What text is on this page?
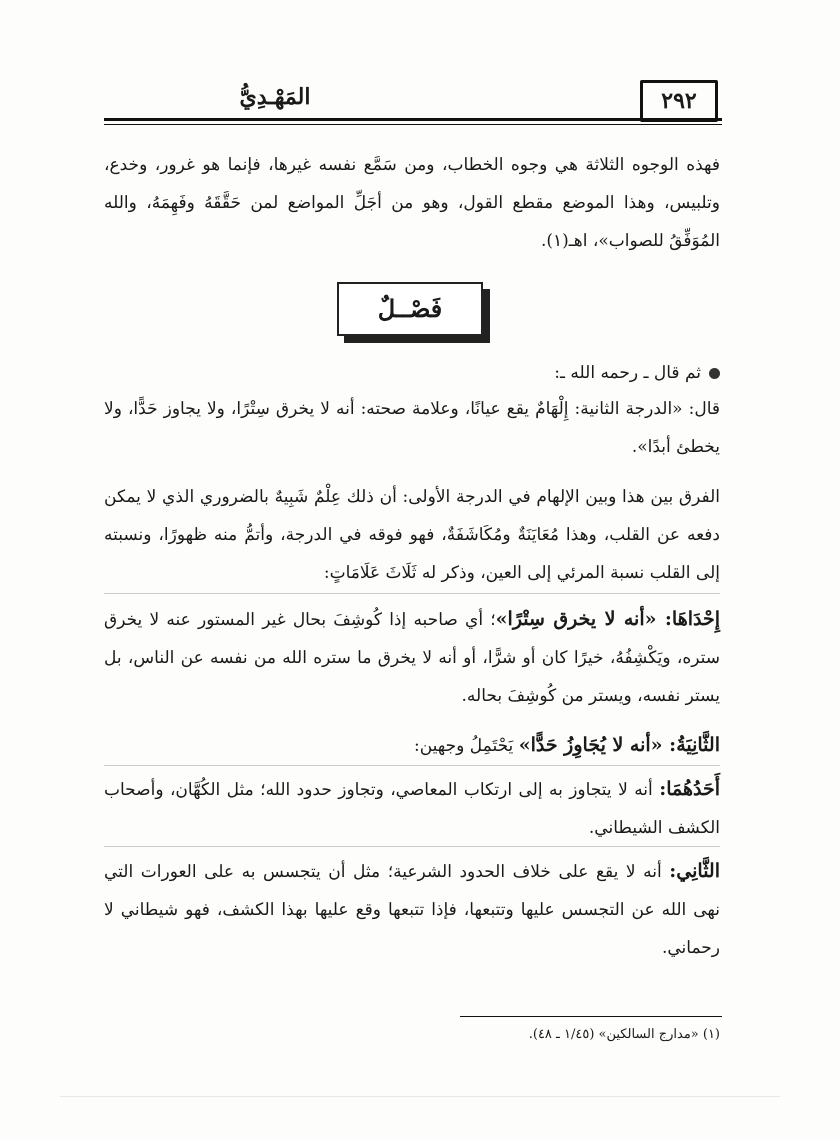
المَهْـدِيُّ	٢٩٢

فهذه الوجوه الثلاثة هي وجوه الخطاب، ومن سَمَّع نفسه غيرها، فإنما هو غرور، وخدع، وتلبيس، وهذا الموضع مقطع القول، وهو من أجَلِّ المواضع لمن حَقَّقَهُ وفَهِمَهُ، والله المُوَفِّقُ للصواب»، اهـ(١).

فَصْــلٌ

ثم قال ـ رحمه الله ـ:

قال: «الدرجة الثانية: إِلْهَامٌ يقع عيانًا، وعلامة صحته: أنه لا يخرق سِتْرًا، ولا يجاوز حَدًّا، ولا يخطئ أبدًا».

الفرق بين هذا وبين الإلهام في الدرجة الأولى: أن ذلك عِلْمٌ شَبِيهٌ بالضروري الذي لا يمكن دفعه عن القلب، وهذا مُعَايَنَةٌ ومُكَاشَفَةٌ، فهو فوقه في الدرجة، وأتمُّ منه ظهورًا، ونسبته إلى القلب نسبة المرئي إلى العين، وذكر له ثَلَاثَ عَلَامَاتٍ:

إِحْدَاهَا: «أنه لا يخرق سِتْرًا»؛ أي صاحبه إذا كُوشِفَ بحال غير المستور عنه لا يخرق ستره، ويَكْشِفُهُ، خيرًا كان أو شرًّا، أو أنه لا يخرق ما ستره الله من نفسه عن الناس، بل يستر نفسه، ويستر من كُوشِفَ بحاله.

الثَّانِيَةُ: «أنه لا يُجَاوِزُ حَدًّا» يَحْتَمِلُ وجهين:

أَحَدُهُمَا: أنه لا يتجاوز به إلى ارتكاب المعاصي، وتجاوز حدود الله؛ مثل الكُهَّان، وأصحاب الكشف الشيطاني.

الثَّانِي: أنه لا يقع على خلاف الحدود الشرعية؛ مثل أن يتجسس به على العورات التي نهى الله عن التجسس عليها وتتبعها، فإذا تتبعها وقع عليها بهذا الكشف، فهو شيطاني لا رحماني.

(١) «مدارج السالكين» (١/٤٥ ـ ٤٨).
